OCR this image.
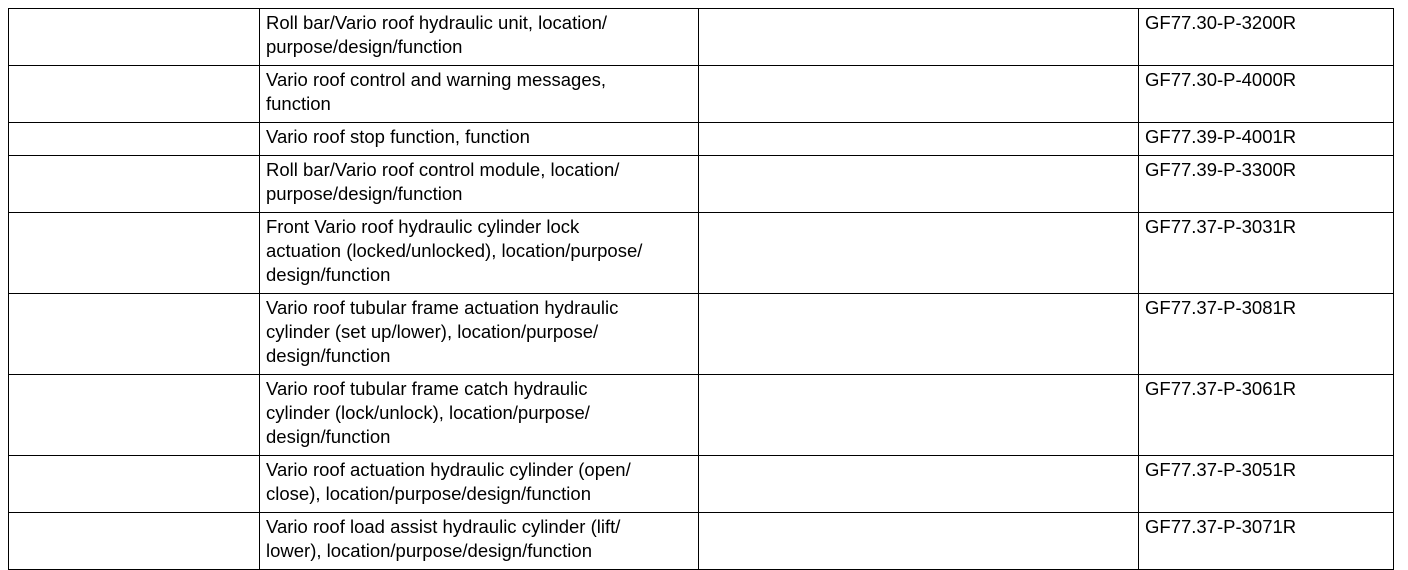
	Roll bar/Vario roof hydraulic unit, location/
purpose/design/function		GF77.30-P-3200R
	Vario roof control and warning messages,
function		GF77.30-P-4000R
	Vario roof stop function, function		GF77.39-P-4001R
	Roll bar/Vario roof control module, location/
purpose/design/function		GF77.39-P-3300R
	Front Vario roof hydraulic cylinder lock
actuation (locked/unlocked), location/purpose/
design/function		GF77.37-P-3031R
	Vario roof tubular frame actuation hydraulic
cylinder (set up/lower), location/purpose/
design/function		GF77.37-P-3081R
	Vario roof tubular frame catch hydraulic
cylinder (lock/unlock), location/purpose/
design/function		GF77.37-P-3061R
	Vario roof actuation hydraulic cylinder (open/
close), location/purpose/design/function		GF77.37-P-3051R
	Vario roof load assist hydraulic cylinder (lift/
lower), location/purpose/design/function		GF77.37-P-3071R
